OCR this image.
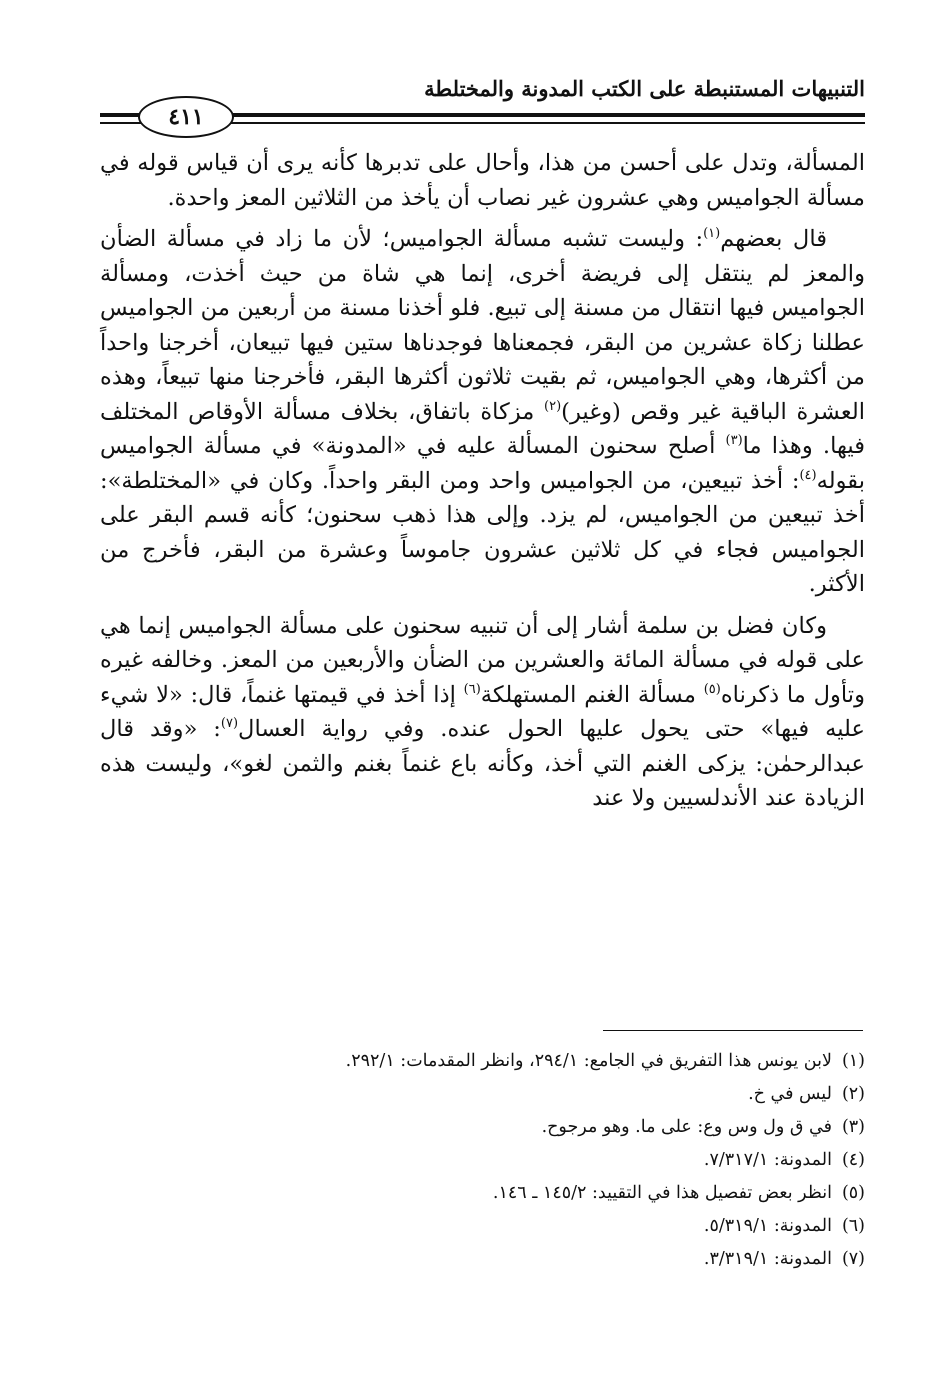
التنبيهات المستنبطة على الكتب المدونة والمختلطة
٤١١

المسألة، وتدل على أحسن من هذا، وأحال على تدبرها كأنه يرى أن قياس قوله في مسألة الجواميس وهي عشرون غير نصاب أن يأخذ من الثلاثين المعز واحدة.

قال بعضهم$^{(١)}$: وليست تشبه مسألة الجواميس؛ لأن ما زاد في مسألة الضأن والمعز لم ينتقل إلى فريضة أخرى، إنما هي شاة من حيث أخذت، ومسألة الجواميس فيها انتقال من مسنة إلى تبيع. فلو أخذنا مسنة من أربعين من الجواميس عطلنا زكاة عشرين من البقر، فجمعناها فوجدناها ستين فيها تبيعان، أخرجنا واحداً من أكثرها، وهي الجواميس، ثم بقيت ثلاثون أكثرها البقر، فأخرجنا منها تبيعاً، وهذه العشرة الباقية غير وقص (وغير)$^{(٢)}$ مزكاة باتفاق، بخلاف مسألة الأوقاص المختلف فيها. وهذا ما$^{(٣)}$ أصلح سحنون المسألة عليه في «المدونة» في مسألة الجواميس بقوله$^{(٤)}$: أخذ تبيعين، من الجواميس واحد ومن البقر واحداً. وكان في «المختلطة»: أخذ تبيعين من الجواميس، لم يزد. وإلى هذا ذهب سحنون؛ كأنه قسم البقر على الجواميس فجاء في كل ثلاثين عشرون جاموساً وعشرة من البقر، فأخرج من الأكثر.

وكان فضل بن سلمة أشار إلى أن تنبيه سحنون على مسألة الجواميس إنما هي على قوله في مسألة المائة والعشرين من الضأن والأربعين من المعز. وخالفه غيره وتأول ما ذكرناه$^{(٥)}$ مسألة الغنم المستهلكة$^{(٦)}$ إذا أخذ في قيمتها غنماً، قال: «لا شيء عليه فيها» حتى يحول عليها الحول عنده. وفي رواية العسال$^{(٧)}$: «وقد قال عبدالرحمٰن: يزكى الغنم التي أخذ، وكأنه باع غنماً بغنم والثمن لغو»، وليست هذه الزيادة عند الأندلسيين ولا عند

(١)لابن يونس هذا التفريق في الجامع: ٢٩٤/١، وانظر المقدمات: ٢٩٢/١.
(٢)ليس في خ.
(٣)في ق ول وس وع: على ما. وهو مرجوح.
(٤)المدونة: ٧/٣١٧/١.
(٥)انظر بعض تفصيل هذا في التقييد: ١٤٥/٢ ـ ١٤٦.
(٦)المدونة: ٥/٣١٩/١.
(٧)المدونة: ٣/٣١٩/١.
